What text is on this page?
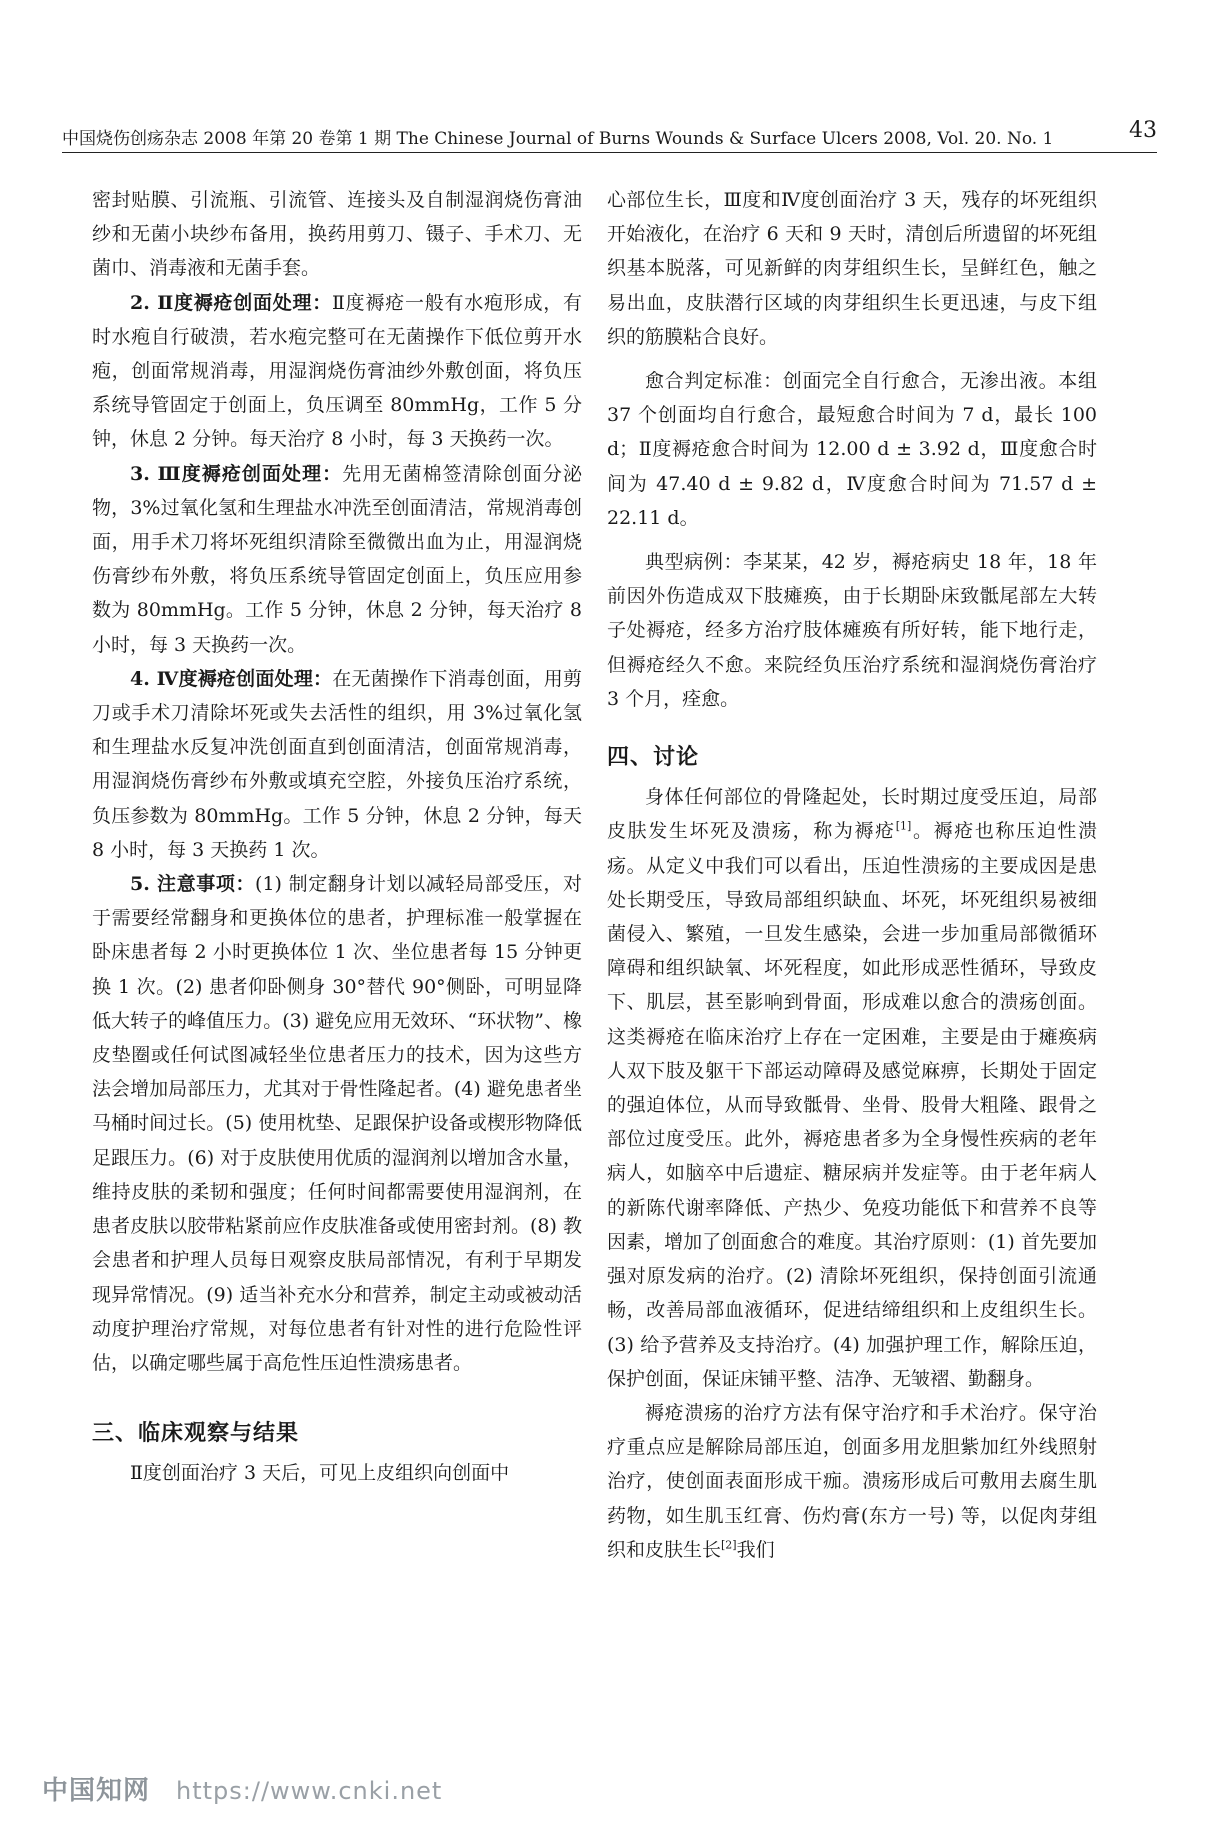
中国烧伤创疡杂志 2008 年第 20 卷第 1 期 The Chinese Journal of Burns Wounds & Surface Ulcers 2008, Vol. 20. No. 1	43

密封贴膜、引流瓶、引流管、连接头及自制湿润烧伤膏油纱和无菌小块纱布备用，换药用剪刀、镊子、手术刀、无菌巾、消毒液和无菌手套。

2. Ⅱ度褥疮创面处理：Ⅱ度褥疮一般有水疱形成，有时水疱自行破溃，若水疱完整可在无菌操作下低位剪开水疱，创面常规消毒，用湿润烧伤膏油纱外敷创面，将负压系统导管固定于创面上，负压调至 80mmHg，工作 5 分钟，休息 2 分钟。每天治疗 8 小时，每 3 天换药一次。

3. Ⅲ度褥疮创面处理：先用无菌棉签清除创面分泌物，3%过氧化氢和生理盐水冲洗至创面清洁，常规消毒创面，用手术刀将坏死组织清除至微微出血为止，用湿润烧伤膏纱布外敷，将负压系统导管固定创面上，负压应用参数为 80mmHg。工作 5 分钟，休息 2 分钟，每天治疗 8 小时，每 3 天换药一次。

4. Ⅳ度褥疮创面处理：在无菌操作下消毒创面，用剪刀或手术刀清除坏死或失去活性的组织，用 3%过氧化氢和生理盐水反复冲洗创面直到创面清洁，创面常规消毒，用湿润烧伤膏纱布外敷或填充空腔，外接负压治疗系统，负压参数为 80mmHg。工作 5 分钟，休息 2 分钟，每天 8 小时，每 3 天换药 1 次。

5. 注意事项：(1) 制定翻身计划以减轻局部受压，对于需要经常翻身和更换体位的患者，护理标准一般掌握在卧床患者每 2 小时更换体位 1 次、坐位患者每 15 分钟更换 1 次。(2) 患者仰卧侧身 30°替代 90°侧卧，可明显降低大转子的峰值压力。(3) 避免应用无效环、“环状物”、橡皮垫圈或任何试图减轻坐位患者压力的技术，因为这些方法会增加局部压力，尤其对于骨性隆起者。(4) 避免患者坐马桶时间过长。(5) 使用枕垫、足跟保护设备或楔形物降低足跟压力。(6) 对于皮肤使用优质的湿润剂以增加含水量，维持皮肤的柔韧和强度；任何时间都需要使用湿润剂，在患者皮肤以胶带粘紧前应作皮肤准备或使用密封剂。(8) 教会患者和护理人员每日观察皮肤局部情况，有利于早期发现异常情况。(9) 适当补充水分和营养，制定主动或被动活动度护理治疗常规，对每位患者有针对性的进行危险性评估，以确定哪些属于高危性压迫性溃疡患者。

三、临床观察与结果

Ⅱ度创面治疗 3 天后，可见上皮组织向创面中

心部位生长，Ⅲ度和Ⅳ度创面治疗 3 天，残存的坏死组织开始液化，在治疗 6 天和 9 天时，清创后所遗留的坏死组织基本脱落，可见新鲜的肉芽组织生长，呈鲜红色，触之易出血，皮肤潜行区域的肉芽组织生长更迅速，与皮下组织的筋膜粘合良好。

愈合判定标准：创面完全自行愈合，无渗出液。本组 37 个创面均自行愈合，最短愈合时间为 7 d，最长 100 d；Ⅱ度褥疮愈合时间为 12.00 d ± 3.92 d，Ⅲ度愈合时间为 47.40 d ± 9.82 d，Ⅳ度愈合时间为 71.57 d ± 22.11 d。

典型病例：李某某，42 岁，褥疮病史 18 年，18 年前因外伤造成双下肢瘫痪，由于长期卧床致骶尾部左大转子处褥疮，经多方治疗肢体瘫痪有所好转，能下地行走，但褥疮经久不愈。来院经负压治疗系统和湿润烧伤膏治疗 3 个月，痊愈。

四、讨论

身体任何部位的骨隆起处，长时期过度受压迫，局部皮肤发生坏死及溃疡，称为褥疮[1]。褥疮也称压迫性溃疡。从定义中我们可以看出，压迫性溃疡的主要成因是患处长期受压，导致局部组织缺血、坏死，坏死组织易被细菌侵入、繁殖，一旦发生感染，会进一步加重局部微循环障碍和组织缺氧、坏死程度，如此形成恶性循环，导致皮下、肌层，甚至影响到骨面，形成难以愈合的溃疡创面。这类褥疮在临床治疗上存在一定困难，主要是由于瘫痪病人双下肢及躯干下部运动障碍及感觉麻痹，长期处于固定的强迫体位，从而导致骶骨、坐骨、股骨大粗隆、跟骨之部位过度受压。此外，褥疮患者多为全身慢性疾病的老年病人，如脑卒中后遗症、糖尿病并发症等。由于老年病人的新陈代谢率降低、产热少、免疫功能低下和营养不良等因素，增加了创面愈合的难度。其治疗原则：(1) 首先要加强对原发病的治疗。(2) 清除坏死组织，保持创面引流通畅，改善局部血液循环，促进结缔组织和上皮组织生长。(3) 给予营养及支持治疗。(4) 加强护理工作，解除压迫，保护创面，保证床铺平整、洁净、无皱褶、勤翻身。

褥疮溃疡的治疗方法有保守治疗和手术治疗。保守治疗重点应是解除局部压迫，创面多用龙胆紫加红外线照射治疗，使创面表面形成干痂。溃疡形成后可敷用去腐生肌药物，如生肌玉红膏、伤灼膏(东方一号) 等，以促肉芽组织和皮肤生长[2]我们

中国知网 https://www.cnki.net
